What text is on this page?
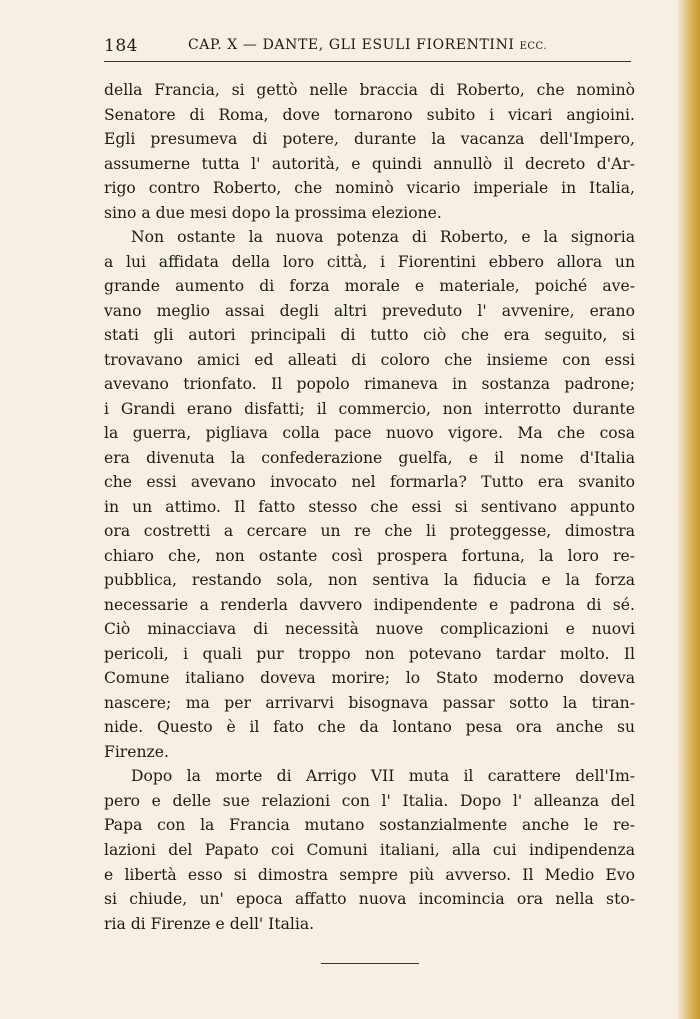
184	CAP. X — DANTE, GLI ESULI FIORENTINI ECC.
della Francia, si gettò nelle braccia di Roberto, che nominò
Senatore di Roma, dove tornarono subito i vicari angioini.
Egli presumeva di potere, durante la vacanza dell'Impero,
assumerne tutta l' autorità, e quindi annullò il decreto d'Ar-
rigo contro Roberto, che nominò vicario imperiale in Italia,
sino a due mesi dopo la prossima elezione.
Non ostante la nuova potenza di Roberto, e la signoria
a lui affidata della loro città, i Fiorentini ebbero allora un
grande aumento di forza morale e materiale, poiché ave-
vano meglio assai degli altri preveduto l' avvenire, erano
stati gli autori principali di tutto ciò che era seguito, si
trovavano amici ed alleati di coloro che insieme con essi
avevano trionfato. Il popolo rimaneva in sostanza padrone;
i Grandi erano disfatti; il commercio, non interrotto durante
la guerra, pigliava colla pace nuovo vigore. Ma che cosa
era divenuta la confederazione guelfa, e il nome d'Italia
che essi avevano invocato nel formarla? Tutto era svanito
in un attimo. Il fatto stesso che essi si sentivano appunto
ora costretti a cercare un re che li proteggesse, dimostra
chiaro che, non ostante così prospera fortuna, la loro re-
pubblica, restando sola, non sentiva la fiducia e la forza
necessarie a renderla davvero indipendente e padrona di sé.
Ciò minacciava di necessità nuove complicazioni e nuovi
pericoli, i quali pur troppo non potevano tardar molto. Il
Comune italiano doveva morire; lo Stato moderno doveva
nascere; ma per arrivarvi bisognava passar sotto la tiran-
nide. Questo è il fato che da lontano pesa ora anche su
Firenze.
Dopo la morte di Arrigo VII muta il carattere dell'Im-
pero e delle sue relazioni con l' Italia. Dopo l' alleanza del
Papa con la Francia mutano sostanzialmente anche le re-
lazioni del Papato coi Comuni italiani, alla cui indipendenza
e libertà esso si dimostra sempre più avverso. Il Medio Evo
si chiude, un' epoca affatto nuova incomincia ora nella sto-
ria di Firenze e dell' Italia.
